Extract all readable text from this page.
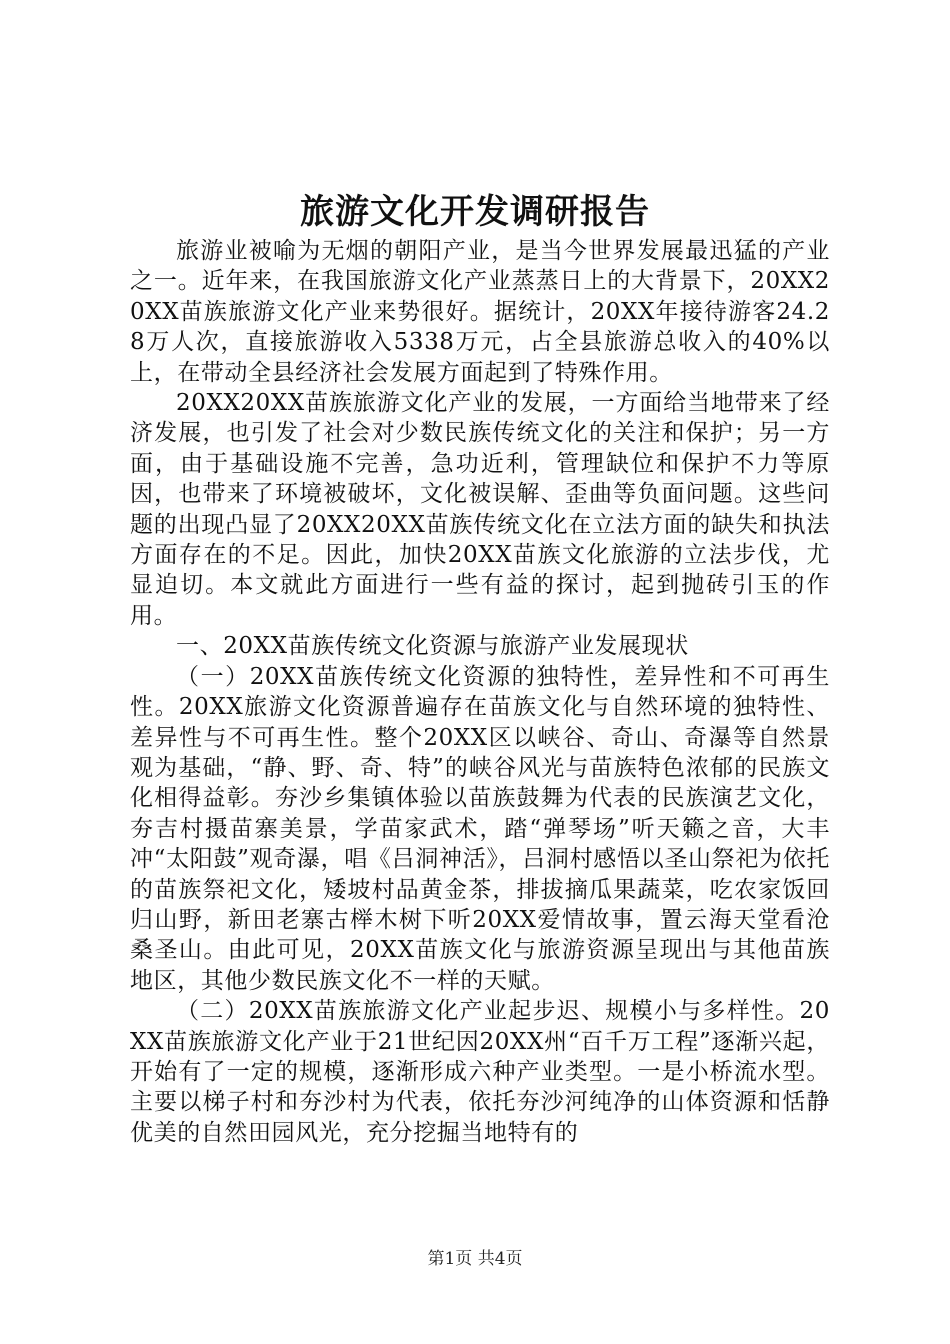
旅游文化开发调研报告

旅游业被喻为无烟的朝阳产业，是当今世界发展最迅猛的产业之一。近年来，在我国旅游文化产业蒸蒸日上的大背景下，20XX20XX苗族旅游文化产业来势很好。据统计，20XX年接待游客24.28万人次，直接旅游收入5338万元，占全县旅游总收入的40%以上，在带动全县经济社会发展方面起到了特殊作用。

20XX20XX苗族旅游文化产业的发展，一方面给当地带来了经济发展，也引发了社会对少数民族传统文化的关注和保护；另一方面，由于基础设施不完善，急功近利，管理缺位和保护不力等原因，也带来了环境被破坏，文化被误解、歪曲等负面问题。这些问题的出现凸显了20XX20XX苗族传统文化在立法方面的缺失和执法方面存在的不足。因此，加快20XX苗族文化旅游的立法步伐，尤显迫切。本文就此方面进行一些有益的探讨，起到抛砖引玉的作用。

一、20XX苗族传统文化资源与旅游产业发展现状

（一）20XX苗族传统文化资源的独特性，差异性和不可再生性。20XX旅游文化资源普遍存在苗族文化与自然环境的独特性、差异性与不可再生性。整个20XX区以峡谷、奇山、奇瀑等自然景观为基础，“静、野、奇、特”的峡谷风光与苗族特色浓郁的民族文化相得益彰。夯沙乡集镇体验以苗族鼓舞为代表的民族演艺文化，夯吉村摄苗寨美景，学苗家武术，踏“弹琴场”听天籁之音，大丰冲“太阳鼓”观奇瀑，唱《吕洞神活》，吕洞村感悟以圣山祭祀为依托的苗族祭祀文化，矮坡村品黄金茶，排拔摘瓜果蔬菜，吃农家饭回归山野，新田老寨古榉木树下听20XX爱情故事，置云海天堂看沧桑圣山。由此可见，20XX苗族文化与旅游资源呈现出与其他苗族地区，其他少数民族文化不一样的天赋。

（二）20XX苗族旅游文化产业起步迟、规模小与多样性。20XX苗族旅游文化产业于21世纪因20XX州“百千万工程”逐渐兴起，开始有了一定的规模，逐渐形成六种产业类型。一是小桥流水型。主要以梯子村和夯沙村为代表，依托夯沙河纯净的山体资源和恬静优美的自然田园风光，充分挖掘当地特有的

第1页 共4页
